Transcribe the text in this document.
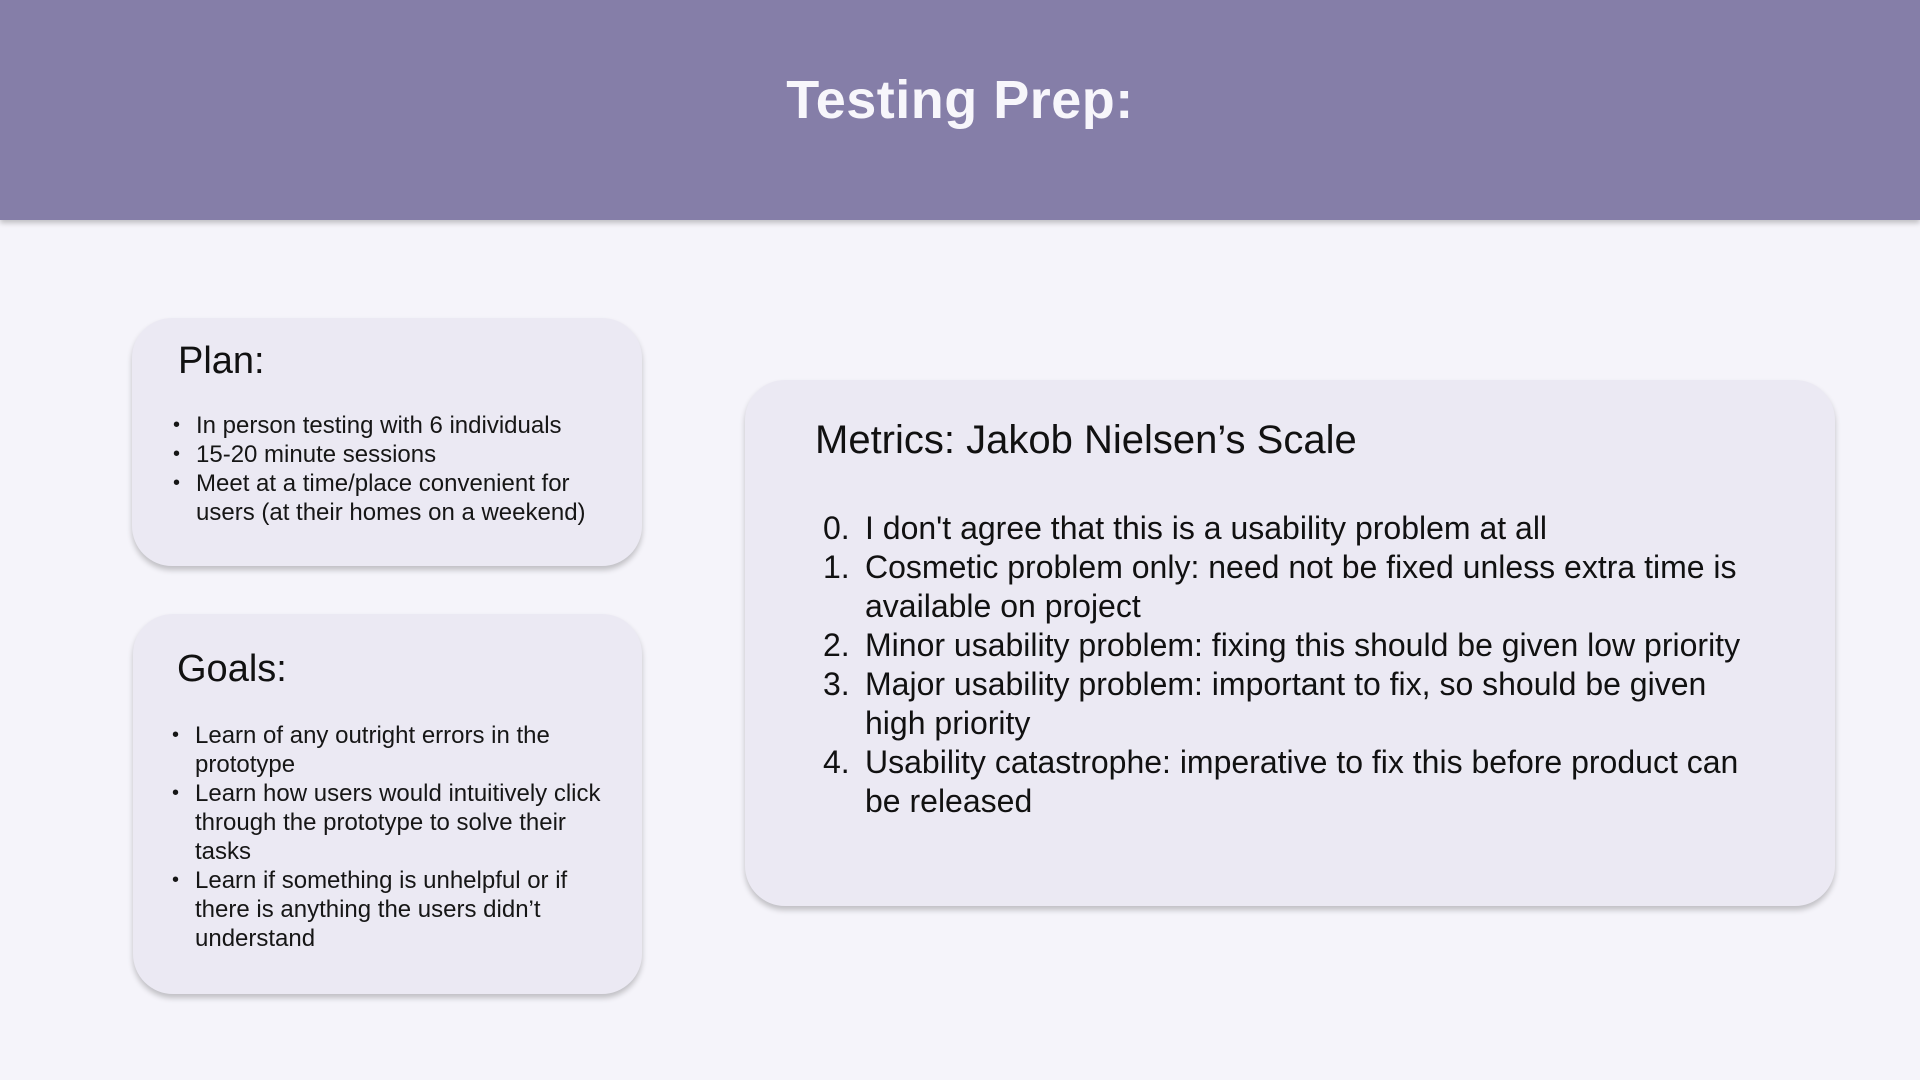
Testing Prep:
Plan:
• In person testing with 6 individuals
• 15-20 minute sessions
• Meet at a time/place convenient for users (at their homes on a weekend)
Goals:
• Learn of any outright errors in the prototype
• Learn how users would intuitively click through the prototype to solve their tasks
• Learn if something is unhelpful or if there is anything the users didn’t understand
Metrics: Jakob Nielsen’s Scale
0. I don't agree that this is a usability problem at all
1. Cosmetic problem only: need not be fixed unless extra time is available on project
2. Minor usability problem: fixing this should be given low priority
3. Major usability problem: important to fix, so should be given high priority
4. Usability catastrophe: imperative to fix this before product can be released
